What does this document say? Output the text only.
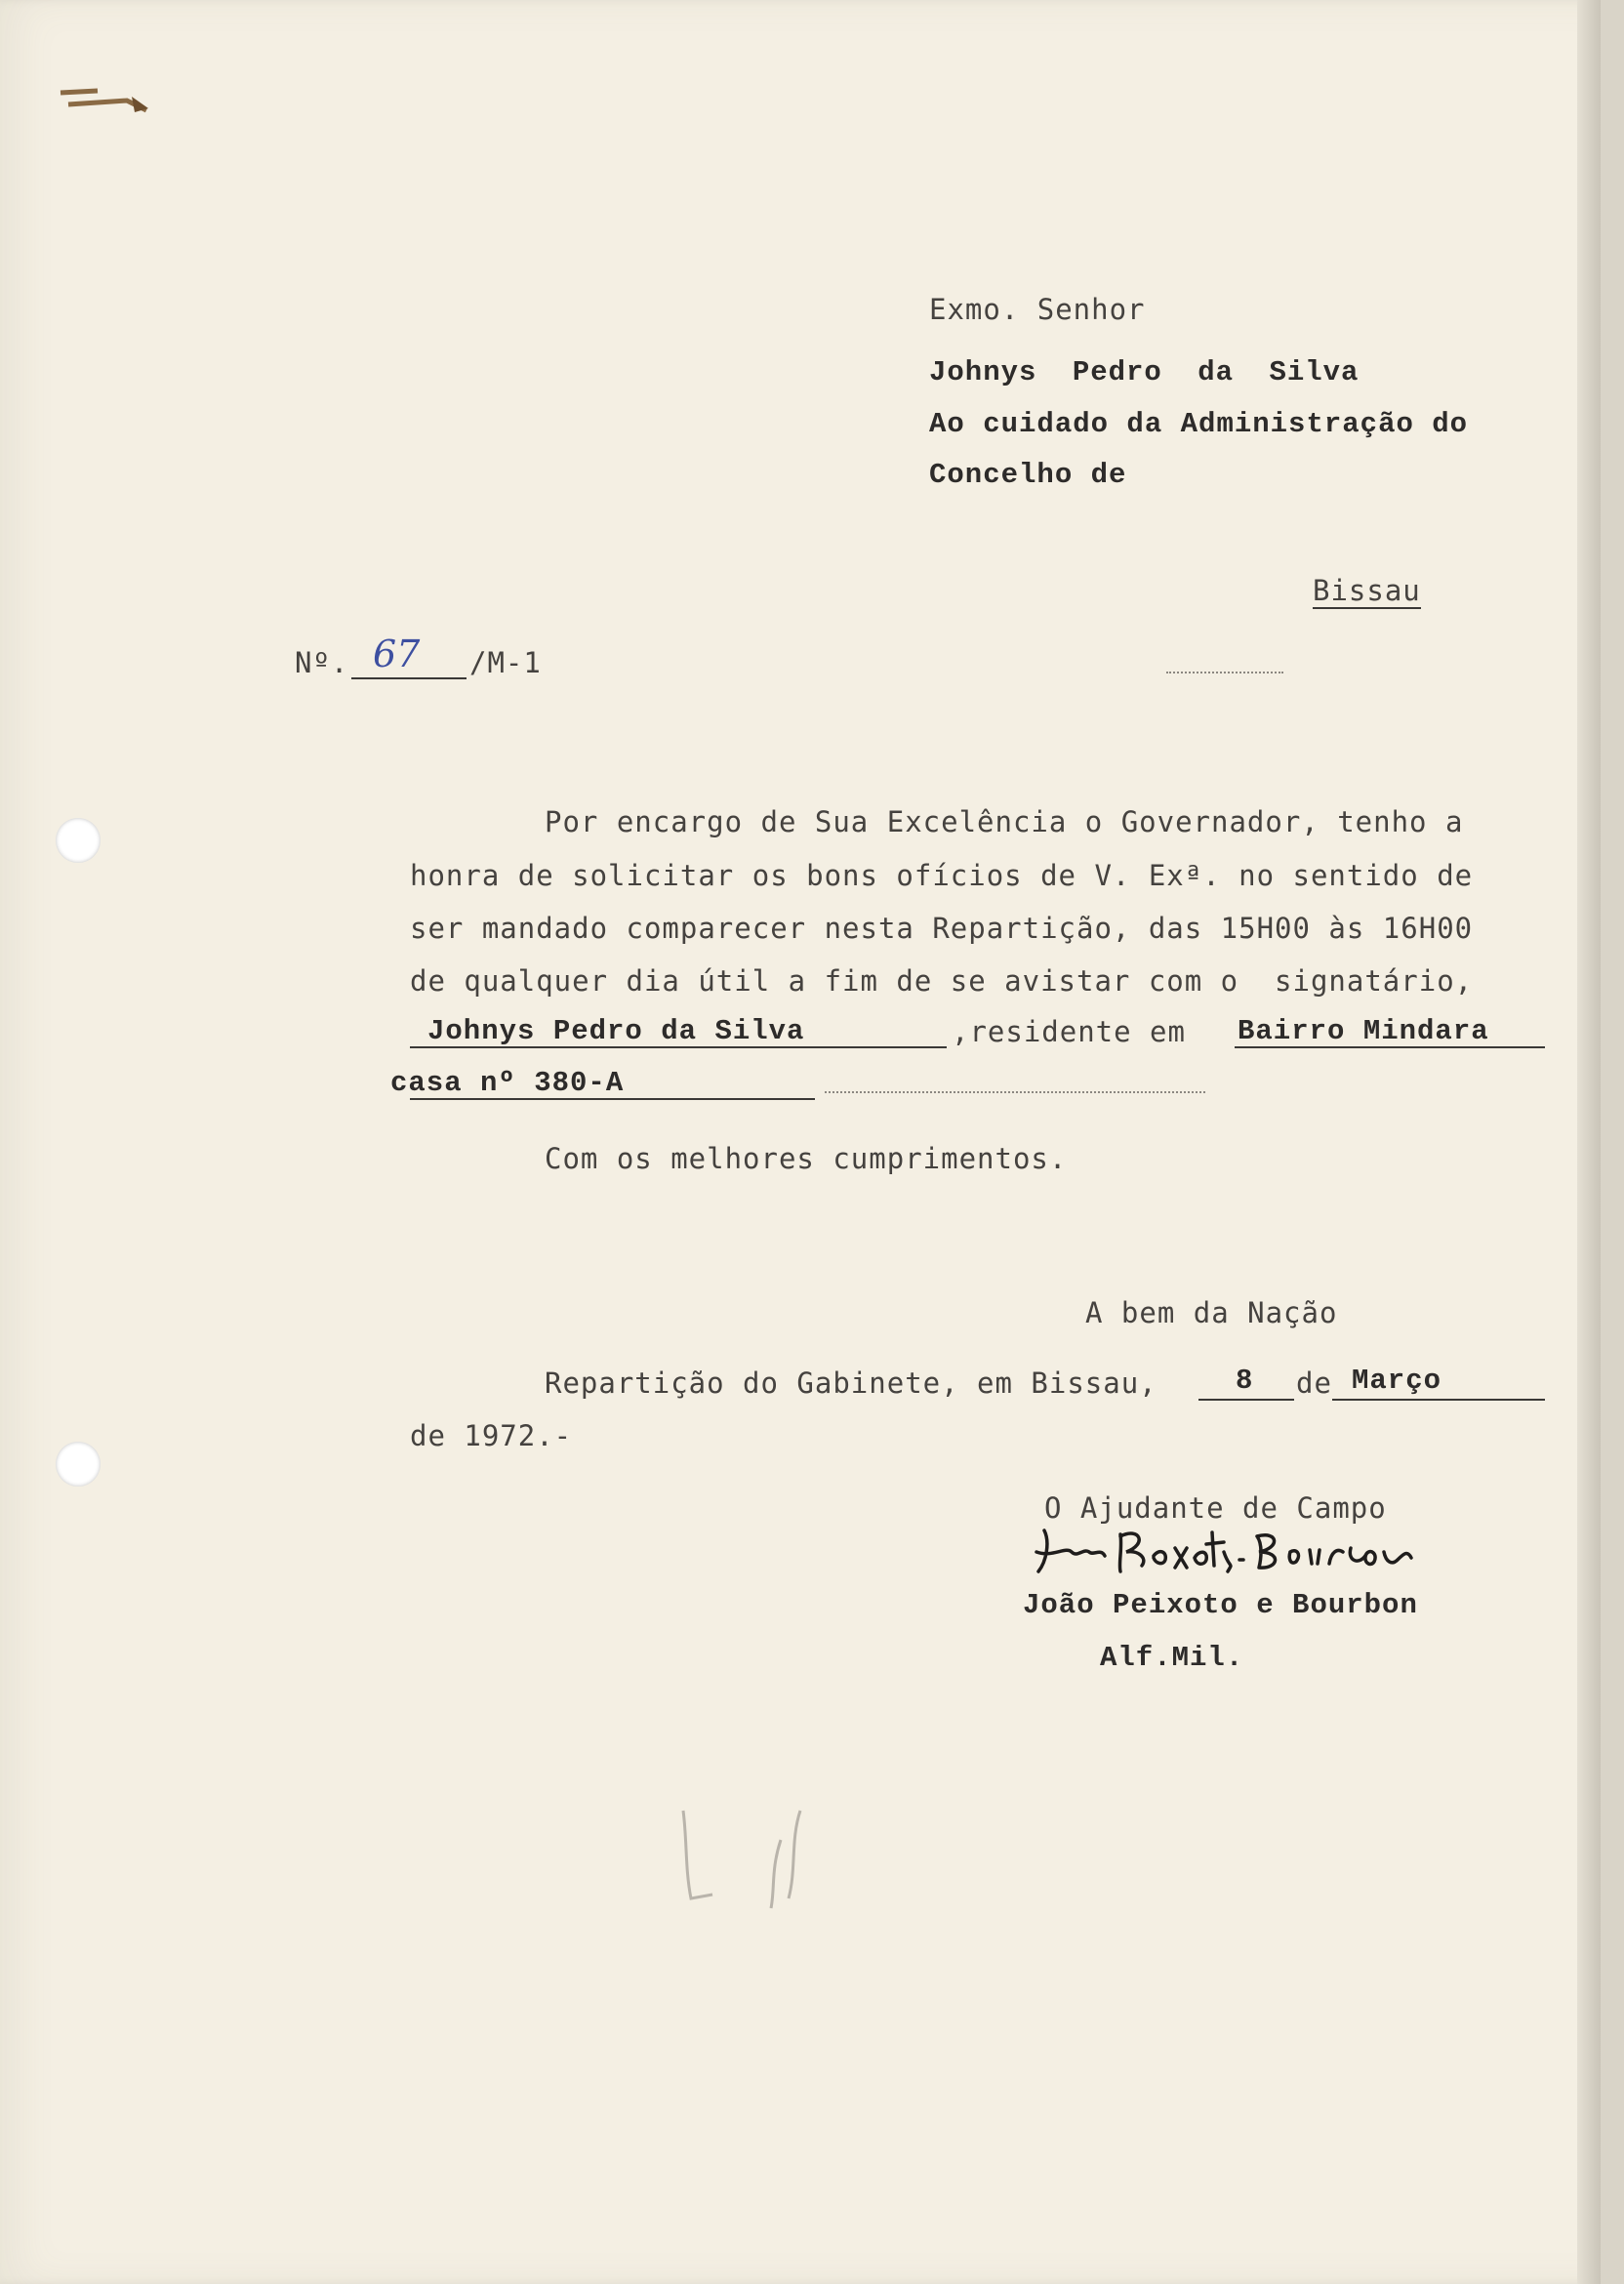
Exmo. Senhor
Johnys Pedro da Silva
Ao cuidado da Administração do
Concelho de
Bissau
Nº. 67 /M-1
Por encargo de Sua Excelência o Governador, tenho a
honra de solicitar os bons ofícios de V. Exª. no sentido de
ser mandado comparecer nesta Repartição, das 15H00 às 16H00
de qualquer dia útil a fim de se avistar com o  signatário,
Johnys Pedro da Silva	,residente em Bairro Mindara
casa nº 380-A
Com os melhores cumprimentos.
A bem da Nação
Repartição do Gabinete, em Bissau,	8 de Março
de 1972.-
O Ajudante de Campo
João Peixoto e Bourbon
Alf.Mil.
